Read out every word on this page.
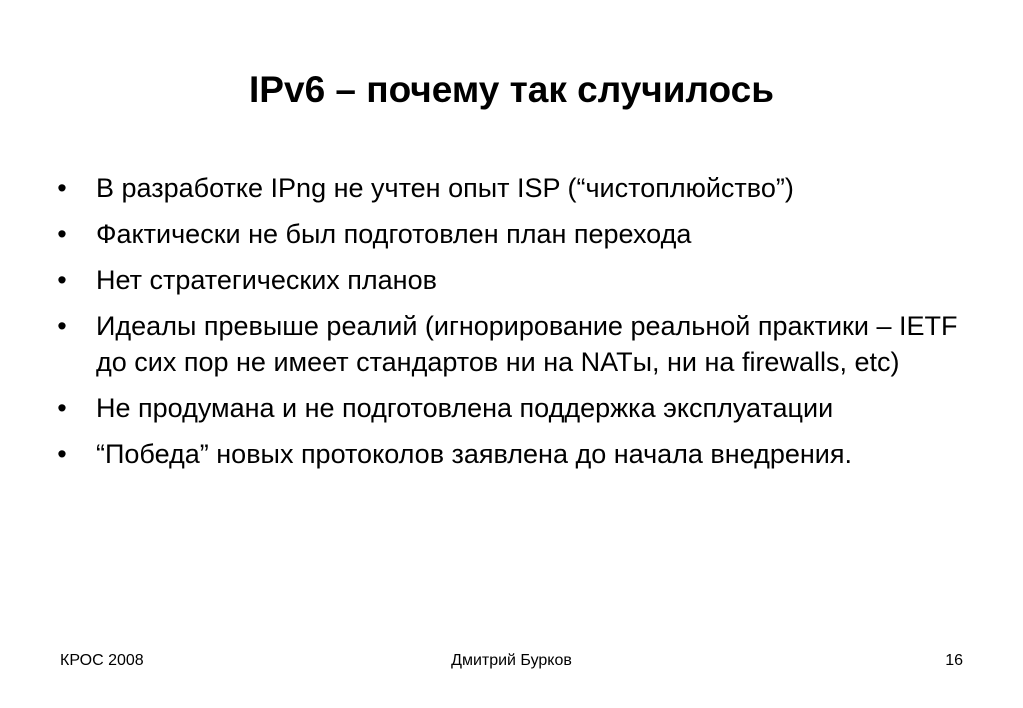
IPv6 – почему так случилось
• В разработке IPng не учтен опыт ISP (“чистоплюйство”)
• Фактически не был подготовлен план перехода
• Нет стратегических планов
• Идеалы превыше реалий (игнорирование реальной практики – IETF до сих пор не имеет стандартов ни на NATы, ни на firewalls, etc)
• Не продумана и не подготовлена поддержка эксплуатации
• “Победа” новых протоколов заявлена до начала внедрения.
КРОС 2008	Дмитрий Бурков	16
